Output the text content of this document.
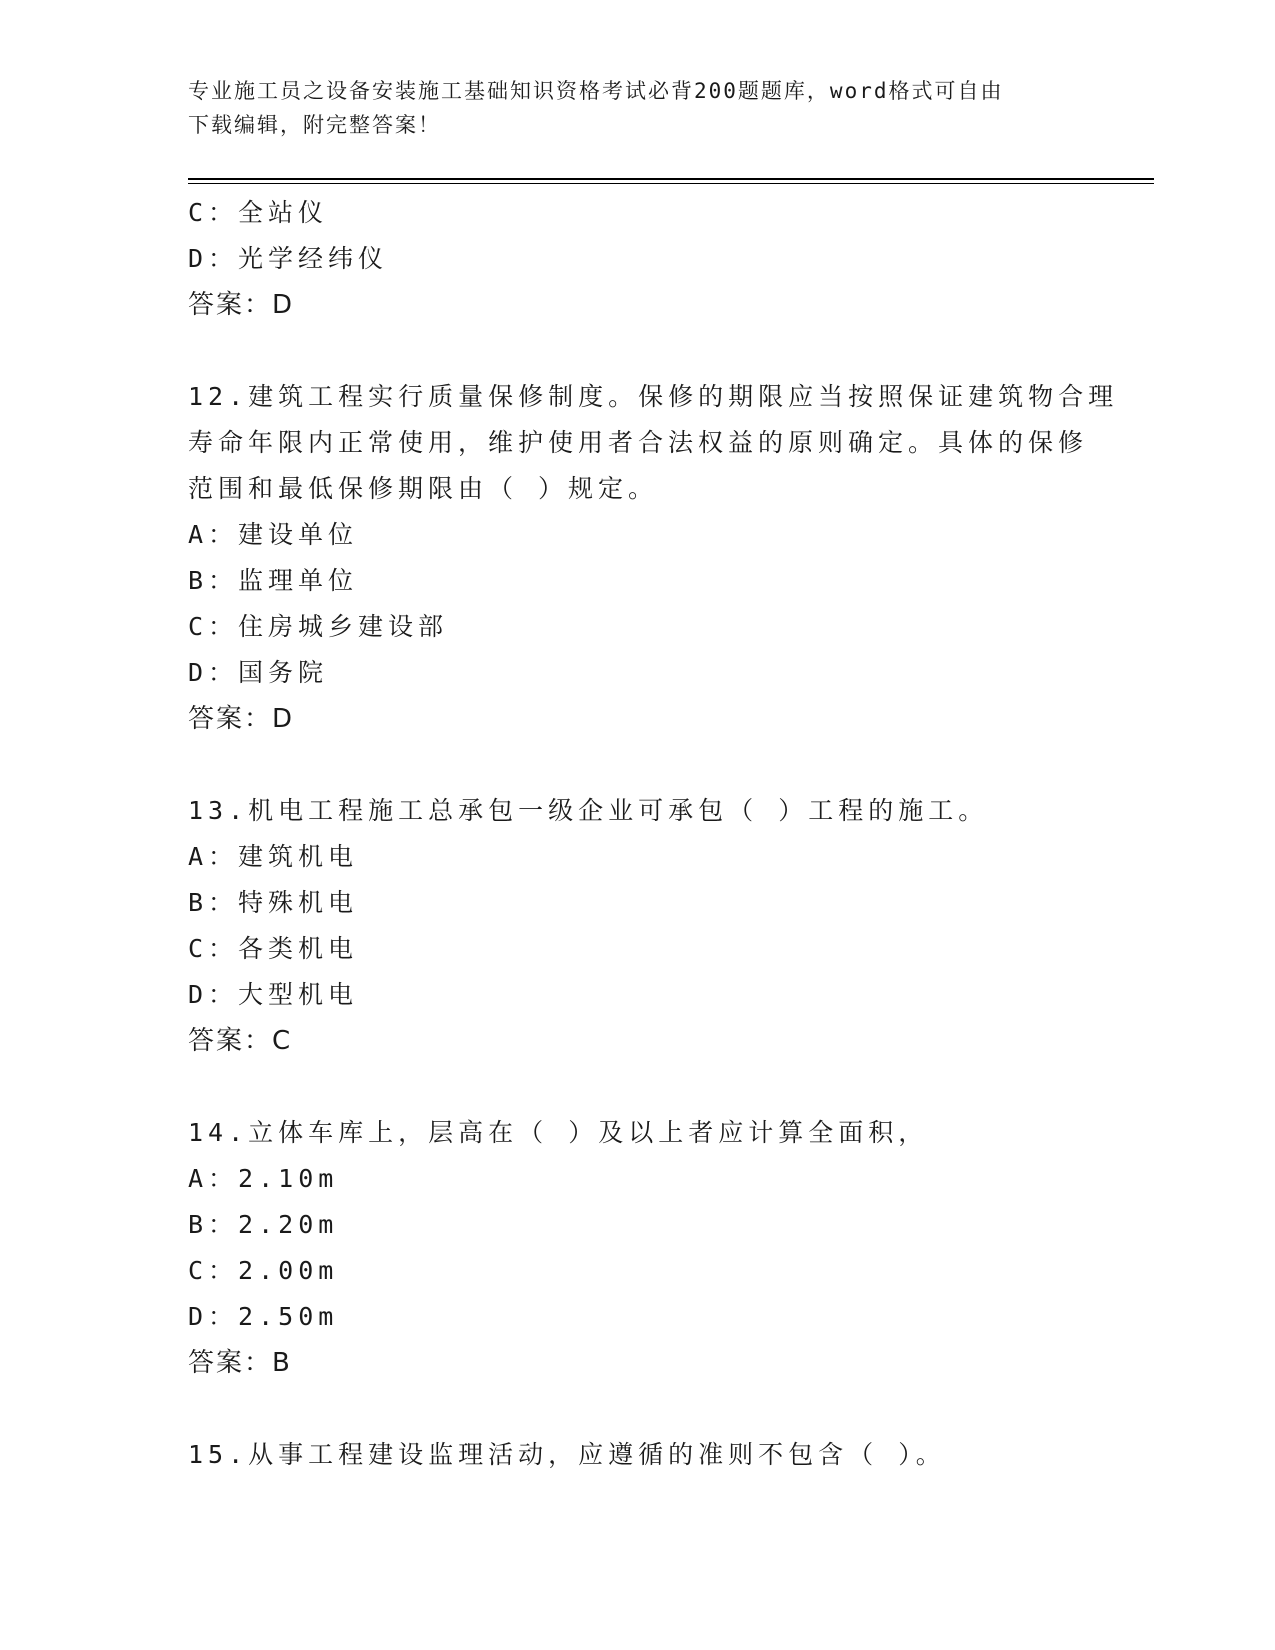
专业施工员之设备安装施工基础知识资格考试必背200题题库，word格式可自由
下载编辑，附完整答案！
C：全站仪
D：光学经纬仪
答案：D
12.建筑工程实行质量保修制度。保修的期限应当按照保证建筑物合理
寿命年限内正常使用，维护使用者合法权益的原则确定。具体的保修
范围和最低保修期限由（ ）规定。
A：建设单位
B：监理单位
C：住房城乡建设部
D：国务院
答案：D
13.机电工程施工总承包一级企业可承包（ ）工程的施工。
A：建筑机电
B：特殊机电
C：各类机电
D：大型机电
答案：C
14.立体车库上，层高在（ ）及以上者应计算全面积，
A：2.10m
B：2.20m
C：2.00m
D：2.50m
答案：B
15.从事工程建设监理活动，应遵循的准则不包含（ ）。
